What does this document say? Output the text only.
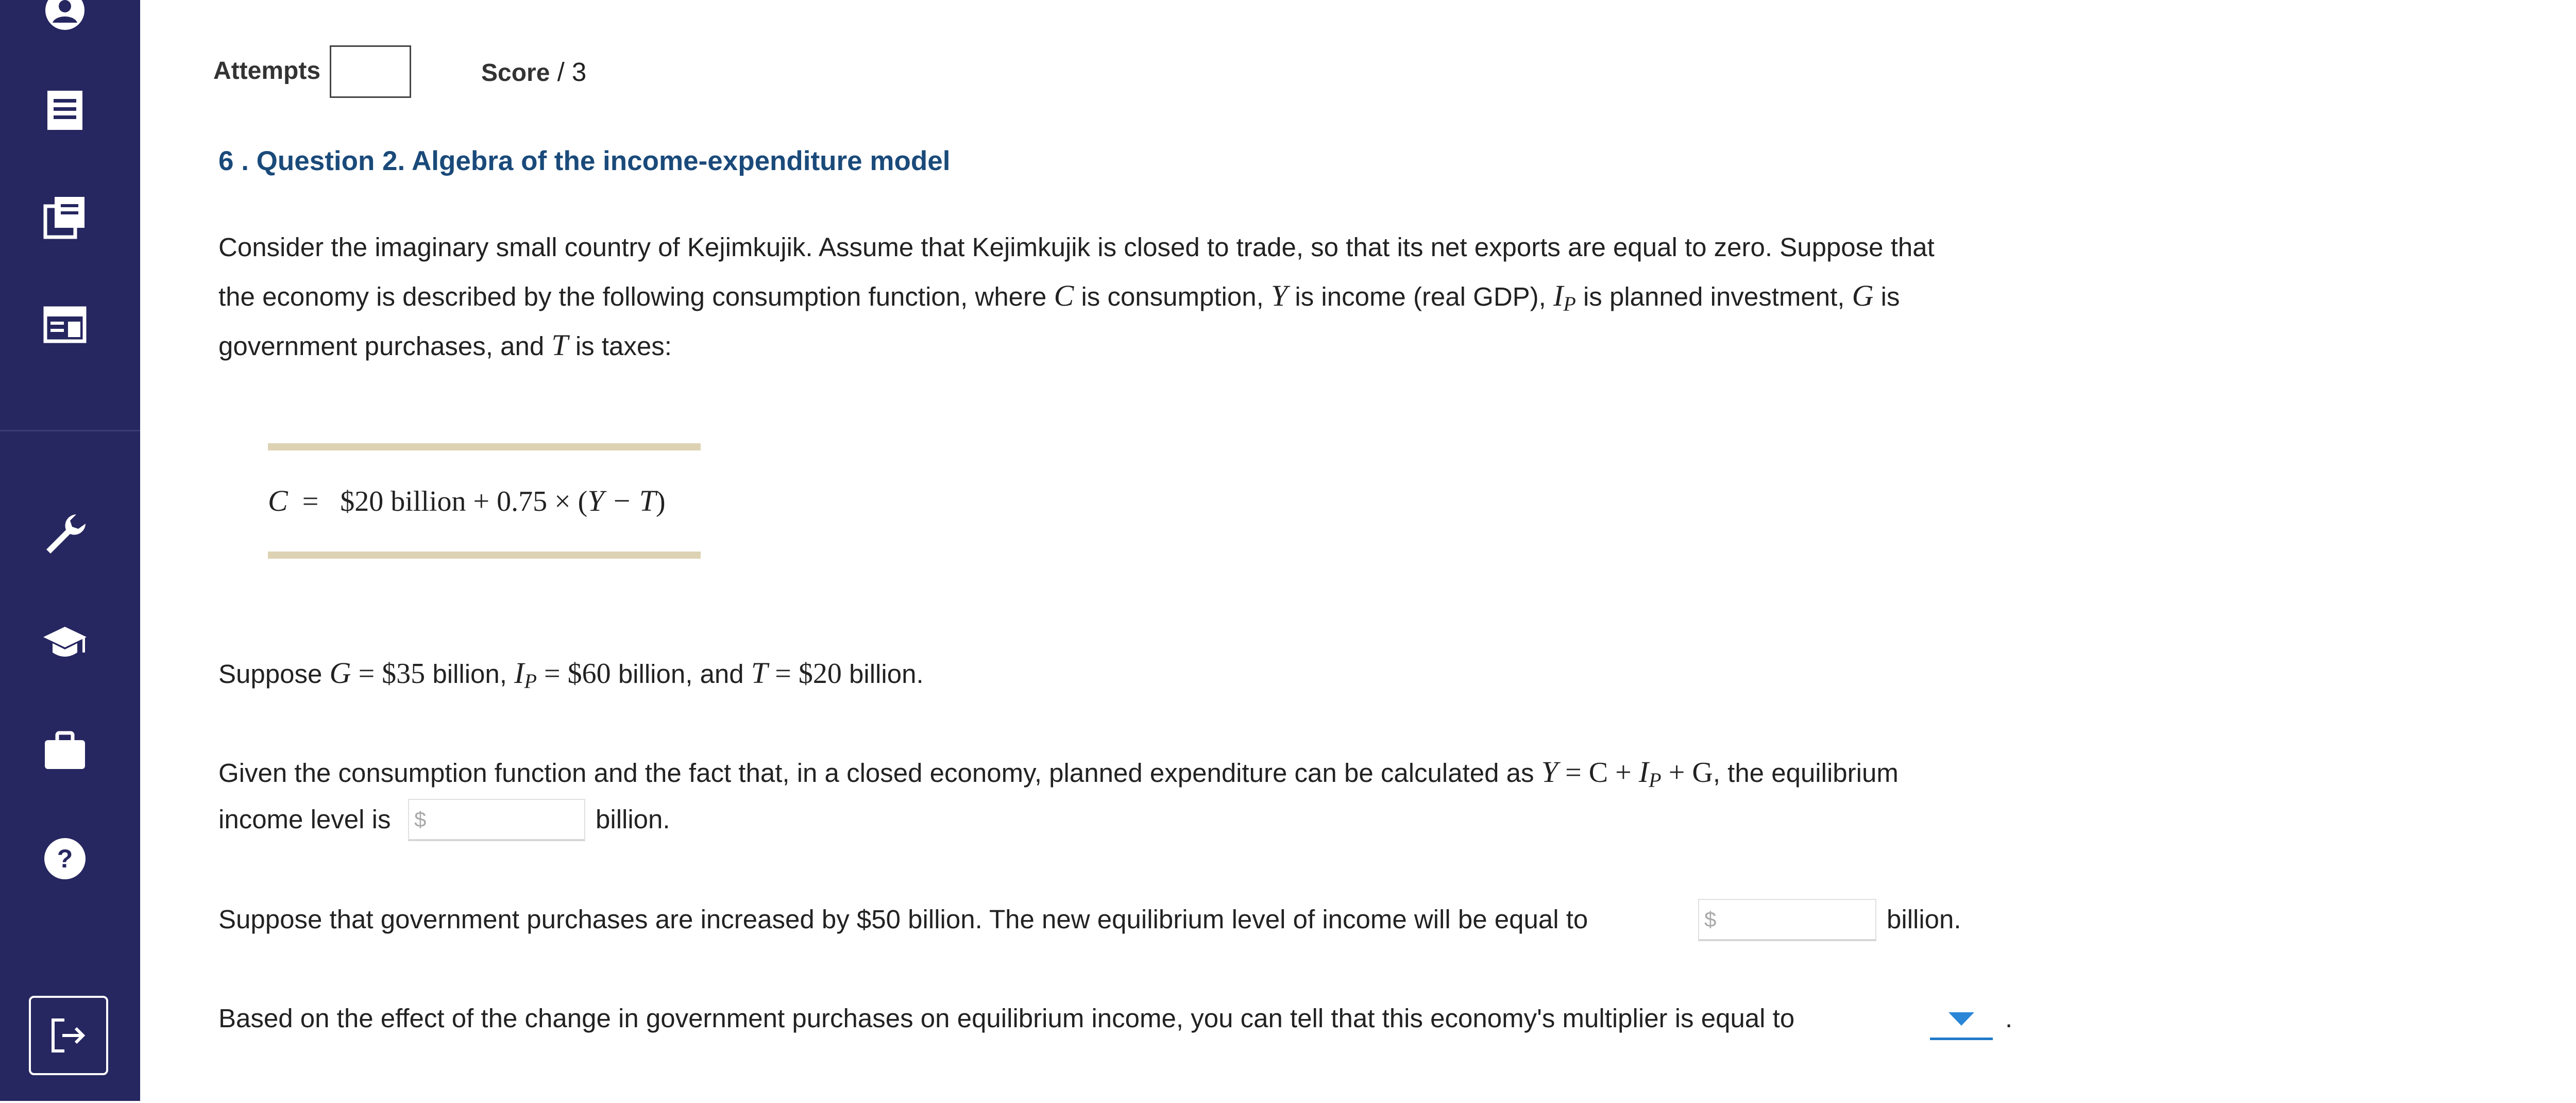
?
Attempts	Score / 3
6 . Question 2. Algebra of the income-expenditure model
Consider the imaginary small country of Kejimkujik. Assume that Kejimkujik is closed to trade, so that its net exports are equal to zero. Suppose that
the economy is described by the following consumption function, where C is consumption, Y is income (real GDP), $I_P$ is planned investment, G is
government purchases, and T is taxes:
C = $20 billion + 0.75 × (Y − T)
Suppose G = $35 billion, $I_P$ = $60 billion, and T = $20 billion.
Given the consumption function and the fact that, in a closed economy, planned expenditure can be calculated as $Y = C + I_P + G$, the equilibrium
income level is $	billion.
Suppose that government purchases are increased by $50 billion. The new equilibrium level of income will be equal to	$	billion.
Based on the effect of the change in government purchases on equilibrium income, you can tell that this economy's multiplier is equal to	.
